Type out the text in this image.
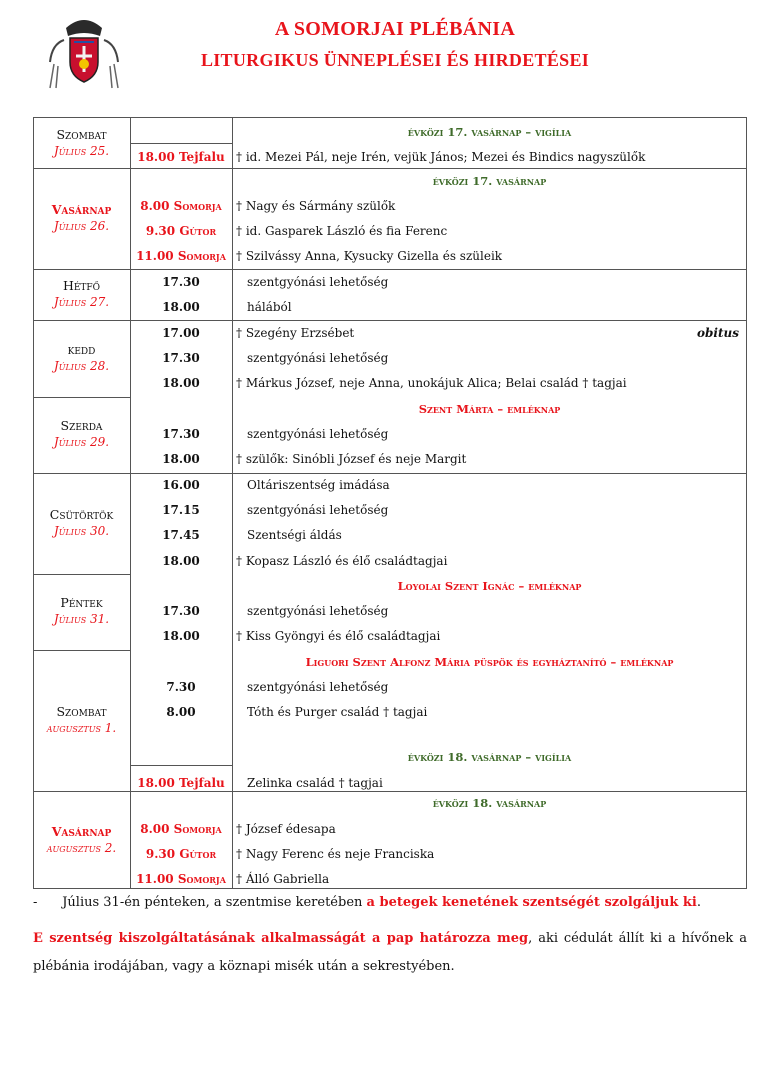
A SOMORJAI PLÉBÁNIA
LITURGIKUS ÜNNEPLÉSEI ÉS HIRDETÉSEI
Szombat
Július 25.
Vasárnap
Július 26.
Hétfő
Július 27.
kedd
Július 28.
Szerda
Július 29.
Csütörtök
Július 30.
Péntek
Július 31.
Szombat
augusztus 1.
Vasárnap
augusztus 2.
évközi 17. vasárnap – vigília
évközi 17. vasárnap
Szent Márta – emléknap
Loyolai Szent Ignác – emléknap
Liguori Szent Alfonz Mária püspök és egyháztanító – emléknap
évközi 18. vasárnap – vigília
évközi 18. vasárnap
18.00 Tejfalu
8.00 Somorja
9.30 Gútor
11.00 Somorja
17.30
18.00
17.00
17.30
18.00
17.30
18.00
16.00
17.15
17.45
18.00
17.30
18.00
7.30
8.00
18.00 Tejfalu
8.00 Somorja
9.30 Gútor
11.00 Somorja
† id. Mezei Pál, neje Irén, vejük János; Mezei és Bindics nagyszülők
† Nagy és Sármány szülők
† id. Gasparek László és fia Ferenc
† Szilvássy Anna, Kysucky Gizella és szüleik
szentgyónási lehetőség
hálából
† Szegény Erzsébet	obitus
szentgyónási lehetőség
† Márkus József, neje Anna, unokájuk Alica; Belai család † tagjai
szentgyónási lehetőség
† szülők: Sinóbli József és neje Margit
Oltáriszentség imádása
szentgyónási lehetőség
Szentségi áldás
† Kopasz László és élő családtagjai
szentgyónási lehetőség
† Kiss Gyöngyi és élő családtagjai
szentgyónási lehetőség
Tóth és Purger család † tagjai
Zelinka család † tagjai
† József édesapa
† Nagy Ferenc és neje Franciska
† Álló Gabriella
- Július 31-én pénteken, a szentmise keretében a betegek kenetének szentségét szolgáljuk ki.
E szentség kiszolgáltatásának alkalmasságát a pap határozza meg, aki cédulát állít ki a hívőnek a plébánia irodájában, vagy a köznapi misék után a sekrestyében.
